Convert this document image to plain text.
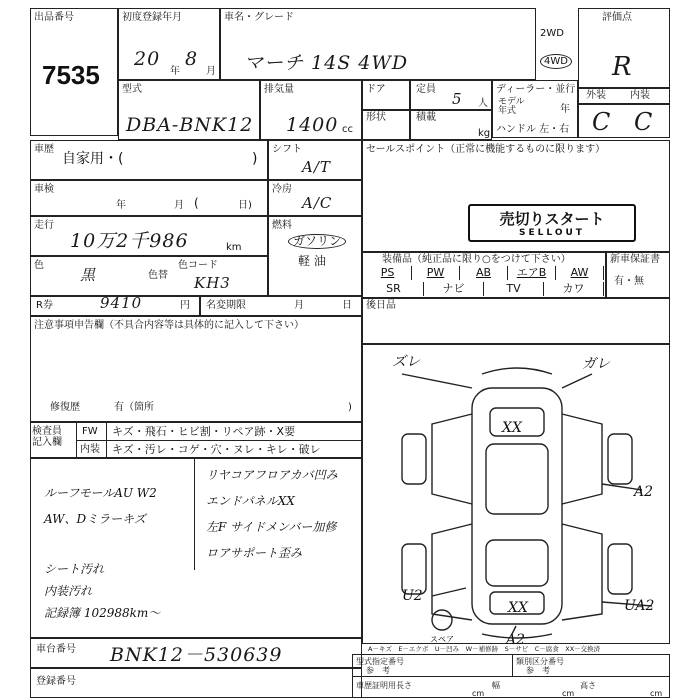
出品番号
7535
初度登録年月
20
年
8
月
車名・グレード
マーチ 14S 4WD
2WD
4WD
評価点
R
外装 内装
C C
型式
DBA-BNK12
排気量
1400 cc
ドア	定員
5 人
ディーラー・並行
モデル
年式	年
ハンドル 左・右
形状	積載
kg
車歴
自家用・(	)
シフト
A/T
セールスポイント（正常に機能するものに限ります）
売切りスタート
SELLOUT
車検
年	月 (	日)
冷房
A/C
走行
10万2千986	km
燃料
ガソリン
軽 油
色
黒	色替
色コード
KH3
装備品（純正品に限り○をつけて下さい）
PS	PW	AB	エアB	AW
SR	ナビ	TV	カワ
新車保証書
有・無
R券	9410	円 名変期限	月	日 後日品
注意事項申告欄（不具合内容等は具体的に記入して下さい）
修復歴	有（箇所	)
検査員
記入欄
FW キズ・飛石・ヒビ割・リペア跡・X要
内装 キズ・汚レ・コゲ・穴・ヌレ・キレ・破レ
ルーフモールAU W2
AW、Dミラーキズ
リヤコアフロアカバ凹み
エンドパネルXX
左F サイドメンバー加修
ロアサポート歪み
シート汚れ
内装汚れ
記録簿 102988km～
XX
XX
A2
U2
A2
UA2
ズレ	ガレ
スペア
A－キズ　E－エクボ　U－凹み　W－補修跡　S－サビ　C－腐食　XX－交換済
車台番号 BNK12－530639
登録番号
型式指定番号
参　考
類別区分番号
参　考
車歴証明用 長さ
cm
幅
cm
高さ
cm
